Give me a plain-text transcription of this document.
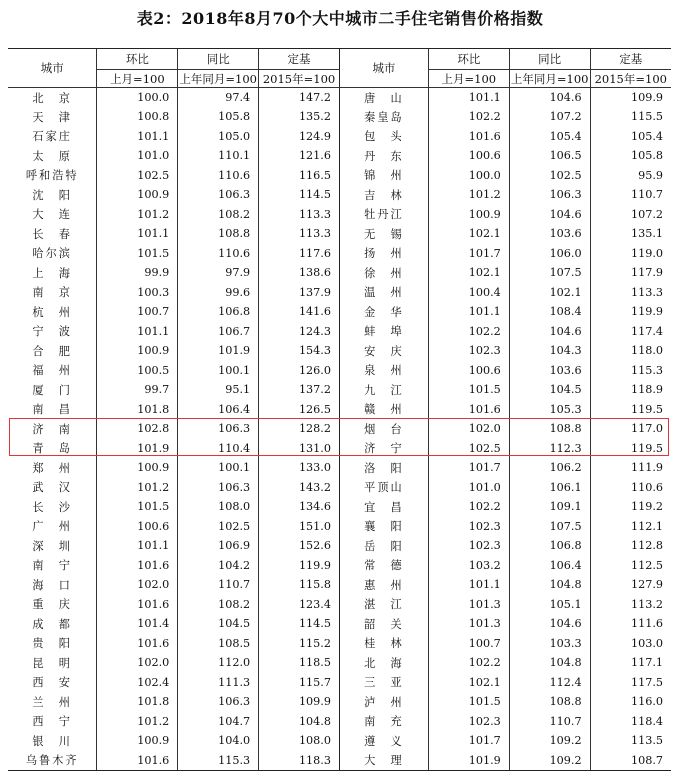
表2：2018年8月70个大中城市二手住宅销售价格指数
城市	环比	同比	定基	城市	环比	同比	定基
	上月=100	上年同月=100	2015年=100		上月=100	上年同月=100	2015年=100
北　京	100.0	97.4	147.2	唐　山	101.1	104.6	109.9
天　津	100.8	105.8	135.2	秦皇岛	102.2	107.2	115.5
石家庄	101.1	105.0	124.9	包　头	101.6	105.4	105.4
太　原	101.0	110.1	121.6	丹　东	100.6	106.5	105.8
呼和浩特	102.5	110.6	116.5	锦　州	100.0	102.5	95.9
沈　阳	100.9	106.3	114.5	吉　林	101.2	106.3	110.7
大　连	101.2	108.2	113.3	牡丹江	100.9	104.6	107.2
长　春	101.1	108.8	113.3	无　锡	102.1	103.6	135.1
哈尔滨	101.5	110.6	117.6	扬　州	101.7	106.0	119.0
上　海	99.9	97.9	138.6	徐　州	102.1	107.5	117.9
南　京	100.3	99.6	137.9	温　州	100.4	102.1	113.3
杭　州	100.7	106.8	141.6	金　华	101.1	108.4	119.9
宁　波	101.1	106.7	124.3	蚌　埠	102.2	104.6	117.4
合　肥	100.9	101.9	154.3	安　庆	102.3	104.3	118.0
福　州	100.5	100.1	126.0	泉　州	100.6	103.6	115.3
厦　门	99.7	95.1	137.2	九　江	101.5	104.5	118.9
南　昌	101.8	106.4	126.5	赣　州	101.6	105.3	119.5
济　南	102.8	106.3	128.2	烟　台	102.0	108.8	117.0
青　岛	101.9	110.4	131.0	济　宁	102.5	112.3	119.5
郑　州	100.9	100.1	133.0	洛　阳	101.7	106.2	111.9
武　汉	101.2	106.3	143.2	平顶山	101.0	106.1	110.6
长　沙	101.5	108.0	134.6	宜　昌	102.2	109.1	119.2
广　州	100.6	102.5	151.0	襄　阳	102.3	107.5	112.1
深　圳	101.1	106.9	152.6	岳　阳	102.3	106.8	112.8
南　宁	101.6	104.2	119.9	常　德	103.2	106.4	112.5
海　口	102.0	110.7	115.8	惠　州	101.1	104.8	127.9
重　庆	101.6	108.2	123.4	湛　江	101.3	105.1	113.2
成　都	101.4	104.5	114.5	韶　关	101.3	104.6	111.6
贵　阳	101.6	108.5	115.2	桂　林	100.7	103.3	103.0
昆　明	102.0	112.0	118.5	北　海	102.2	104.8	117.1
西　安	102.4	111.3	115.7	三　亚	102.1	112.4	117.5
兰　州	101.8	106.3	109.9	泸　州	101.5	108.8	116.0
西　宁	101.2	104.7	104.8	南　充	102.3	110.7	118.4
银　川	100.9	104.0	108.0	遵　义	101.7	109.2	113.5
乌鲁木齐	101.6	115.3	118.3	大　理	101.9	109.2	108.7
